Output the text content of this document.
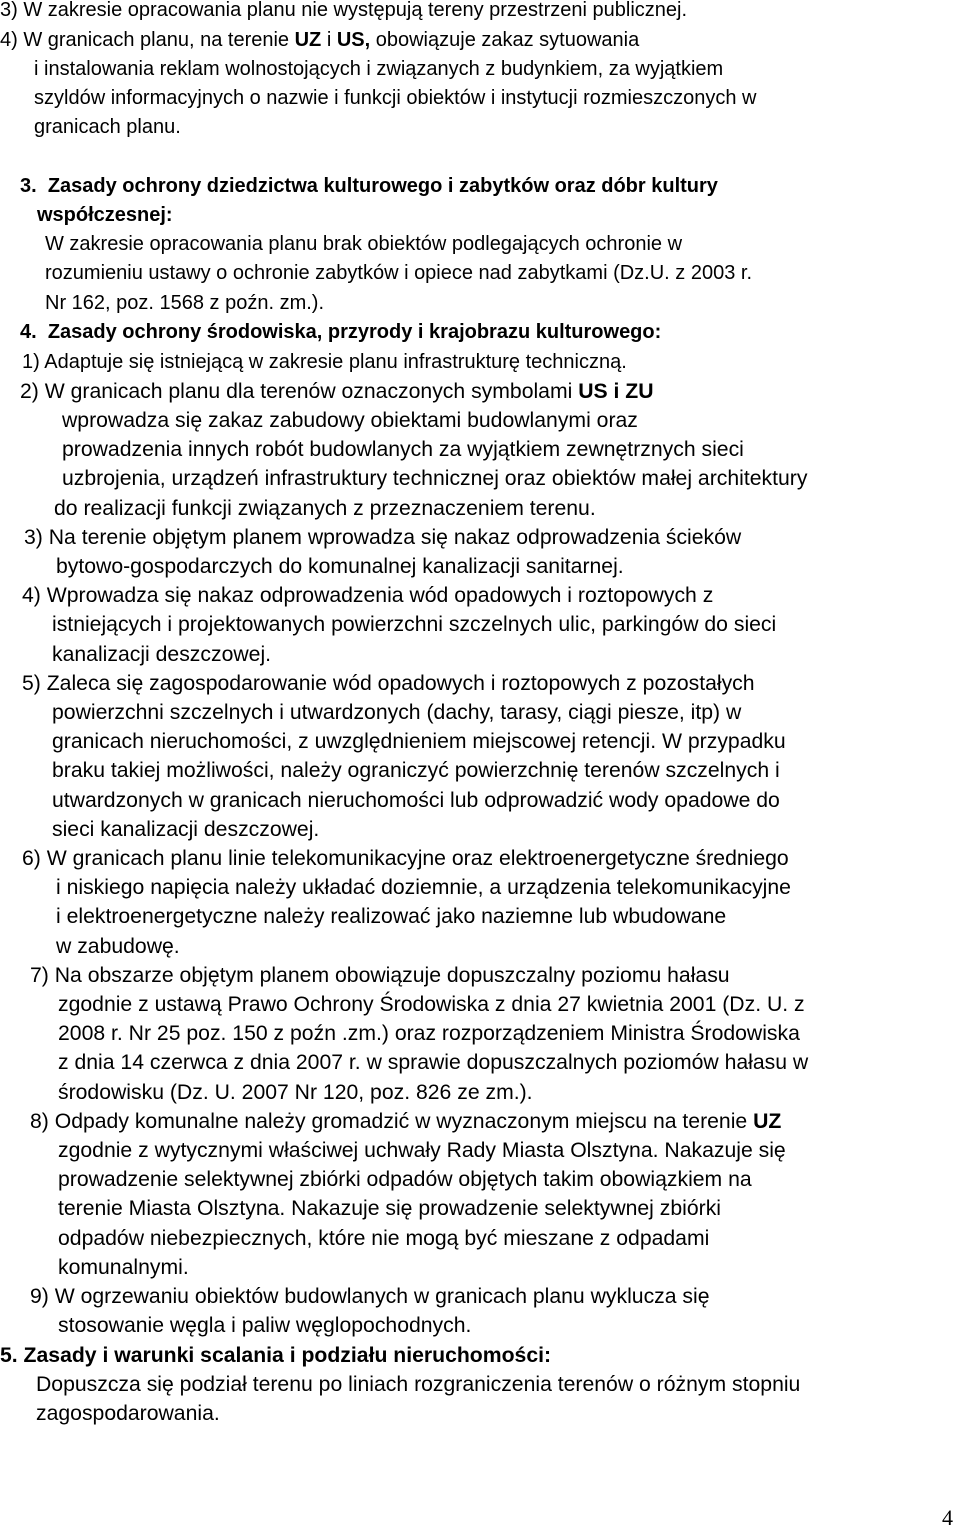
3) W zakresie opracowania planu nie występują tereny przestrzeni publicznej.
4) W granicach planu, na terenie UZ i US, obowiązuje zakaz sytuowania
i instalowania reklam wolnostojących i związanych z budynkiem, za wyjątkiem
szyldów informacyjnych o nazwie i funkcji obiektów i instytucji rozmieszczonych w
granicach planu.
3. Zasady ochrony dziedzictwa kulturowego i zabytków oraz dóbr kultury
współczesnej:
W zakresie opracowania planu brak obiektów podlegających ochronie w
rozumieniu ustawy o ochronie zabytków i opiece nad zabytkami (Dz.U. z 2003 r.
Nr 162, poz. 1568 z poźn. zm.).
4. Zasady ochrony środowiska, przyrody i krajobrazu kulturowego:
1) Adaptuje się istniejącą w zakresie planu infrastrukturę techniczną.
2) W granicach planu dla terenów oznaczonych symbolami US i ZU
wprowadza się zakaz zabudowy obiektami budowlanymi oraz
prowadzenia innych robót budowlanych za wyjątkiem zewnętrznych sieci
uzbrojenia, urządzeń infrastruktury technicznej oraz obiektów małej architektury
do realizacji funkcji związanych z przeznaczeniem terenu.
3) Na terenie objętym planem wprowadza się nakaz odprowadzenia ścieków
bytowo-gospodarczych do komunalnej kanalizacji sanitarnej.
4) Wprowadza się nakaz odprowadzenia wód opadowych i roztopowych z
istniejących i projektowanych powierzchni szczelnych ulic, parkingów do sieci
kanalizacji deszczowej.
5) Zaleca się zagospodarowanie wód opadowych i roztopowych z pozostałych
powierzchni szczelnych i utwardzonych (dachy, tarasy, ciągi piesze, itp) w
granicach nieruchomości, z uwzględnieniem miejscowej retencji. W przypadku
braku takiej możliwości, należy ograniczyć powierzchnię terenów szczelnych i
utwardzonych w granicach nieruchomości lub odprowadzić wody opadowe do
sieci kanalizacji deszczowej.
6) W granicach planu linie telekomunikacyjne oraz elektroenergetyczne średniego
i niskiego napięcia należy układać doziemnie, a urządzenia telekomunikacyjne
i elektroenergetyczne należy realizować jako naziemne lub wbudowane
w zabudowę.
7) Na obszarze objętym planem obowiązuje dopuszczalny poziomu hałasu
zgodnie z ustawą Prawo Ochrony Środowiska z dnia 27 kwietnia 2001 (Dz. U. z
2008 r. Nr 25 poz. 150 z poźn .zm.) oraz rozporządzeniem Ministra Środowiska
z dnia 14 czerwca z dnia 2007 r. w sprawie dopuszczalnych poziomów hałasu w
środowisku (Dz. U. 2007 Nr 120, poz. 826 ze zm.).
8) Odpady komunalne należy gromadzić w wyznaczonym miejscu na terenie UZ
zgodnie z wytycznymi właściwej uchwały Rady Miasta Olsztyna. Nakazuje się
prowadzenie selektywnej zbiórki odpadów objętych takim obowiązkiem na
terenie Miasta Olsztyna. Nakazuje się prowadzenie selektywnej zbiórki
odpadów niebezpiecznych, które nie mogą być mieszane z odpadami
komunalnymi.
9) W ogrzewaniu obiektów budowlanych w granicach planu wyklucza się
stosowanie węgla i paliw węglopochodnych.
5. Zasady i warunki scalania i podziału nieruchomości:
Dopuszcza się podział terenu po liniach rozgraniczenia terenów o różnym stopniu
zagospodarowania.
4
